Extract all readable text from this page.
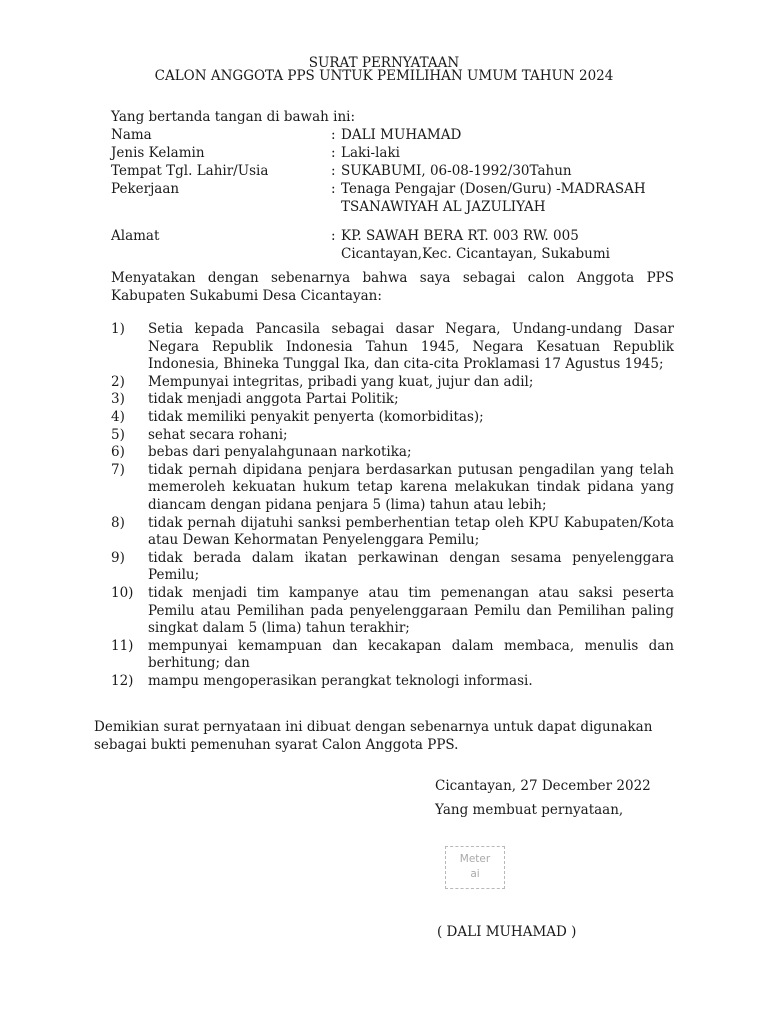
SURAT PERNYATAAN
CALON ANGGOTA PPS UNTUK PEMILIHAN UMUM TAHUN 2024
Yang bertanda tangan di bawah ini:
Nama	: DALI MUHAMAD
Jenis Kelamin	: Laki-laki
Tempat Tgl. Lahir/Usia	: SUKABUMI, 06-08-1992/30Tahun
Pekerjaan	: Tenaga Pengajar (Dosen/Guru) -MADRASAH
TSANAWIYAH AL JAZULIYAH
Alamat	: KP. SAWAH BERA RT. 003 RW. 005
Cicantayan,Kec. Cicantayan, Sukabumi
Menyatakan dengan sebenarnya bahwa saya sebagai calon Anggota PPS Kabupaten Sukabumi Desa Cicantayan:
1)	Setia kepada Pancasila sebagai dasar Negara, Undang-undang Dasar Negara Republik Indonesia Tahun 1945, Negara Kesatuan Republik Indonesia, Bhineka Tunggal Ika, dan cita-cita Proklamasi 17 Agustus 1945;
2)	Mempunyai integritas, pribadi yang kuat, jujur dan adil;
3)	tidak menjadi anggota Partai Politik;
4)	tidak memiliki penyakit penyerta (komorbiditas);
5)	sehat secara rohani;
6)	bebas dari penyalahgunaan narkotika;
7)	tidak pernah dipidana penjara berdasarkan putusan pengadilan yang telah memeroleh kekuatan hukum tetap karena melakukan tindak pidana yang diancam dengan pidana penjara 5 (lima) tahun atau lebih;
8)	tidak pernah dijatuhi sanksi pemberhentian tetap oleh KPU Kabupaten/Kota atau Dewan Kehormatan Penyelenggara Pemilu;
9)	tidak berada dalam ikatan perkawinan dengan sesama penyelenggara Pemilu;
10)	tidak menjadi tim kampanye atau tim pemenangan atau saksi peserta Pemilu atau Pemilihan pada penyelenggaraan Pemilu dan Pemilihan paling singkat dalam 5 (lima) tahun terakhir;
11)	mempunyai kemampuan dan kecakapan dalam membaca, menulis dan berhitung; dan
12)	mampu mengoperasikan perangkat teknologi informasi.
Demikian surat pernyataan ini dibuat dengan sebenarnya untuk dapat digunakan sebagai bukti pemenuhan syarat Calon Anggota PPS.
Cicantayan, 27 December 2022
Yang membuat pernyataan,
Meter
ai
( DALI MUHAMAD )
